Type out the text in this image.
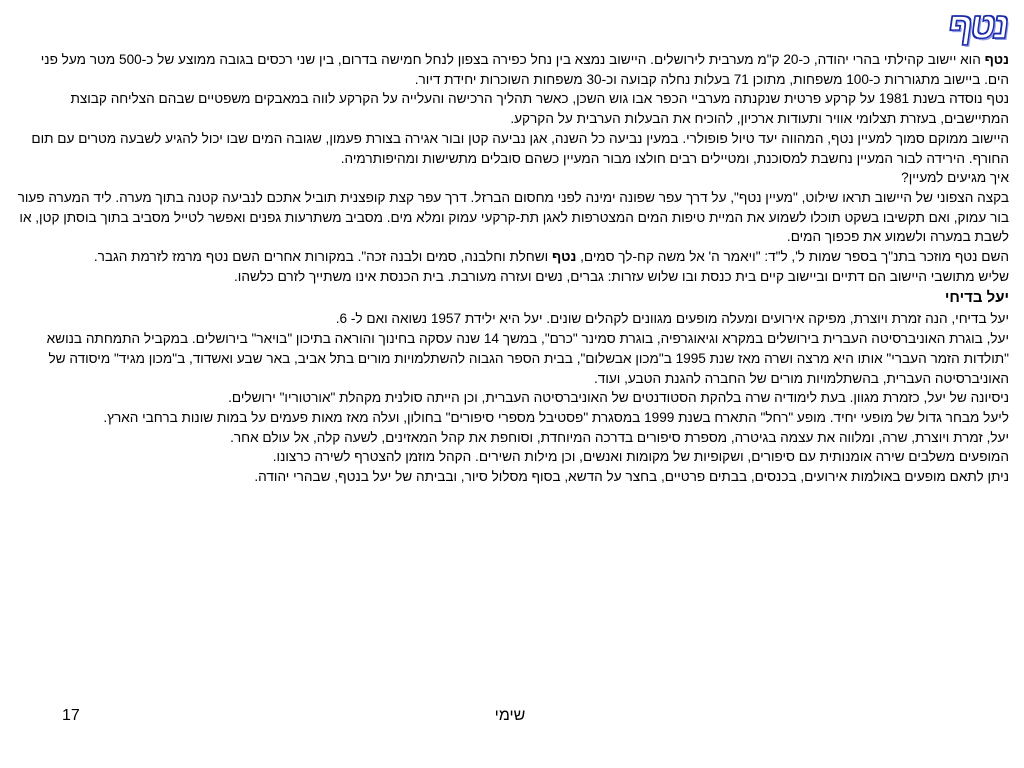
נטף

נטף הוא יישוב קהילתי בהרי יהודה, כ-20 ק"מ מערבית לירושלים. היישוב נמצא בין נחל כפירה בצפון לנחל חמישה בדרום, בין שני רכסים בגובה ממוצע של כ-500 מטר מעל פני הים. ביישוב מתגוררות כ-100 משפחות, מתוכן 71 בעלות נחלה קבועה וכ-30 משפחות השוכרות יחידת דיור.

נטף נוסדה בשנת 1981 על קרקע פרטית שנקנתה מערביי הכפר אבו גוש השכן, כאשר תהליך הרכישה והעלייה על הקרקע לווה במאבקים משפטיים שבהם הצליחה קבוצת המתיישבים, בעזרת תצלומי אוויר ותעודות ארכיון, להוכיח את הבעלות הערבית על הקרקע.

היישוב ממוקם סמוך למעיין נטף, המהווה יעד טיול פופולרי. במעין נביעה כל השנה, אגן נביעה קטן ובור אגירה בצורת פעמון, שגובה המים שבו יכול להגיע לשבעה מטרים עם תום החורף. הירידה לבור המעיין נחשבת למסוכנת, ומטיילים רבים חולצו מבור המעיין כשהם סובלים מתשישות ומהיפותרמיה.

איך מגיעים למעיין?

בקצה הצפוני של היישוב תראו שילוט, "מעיין נטף", על דרך עפר שפונה ימינה לפני מחסום הברזל. דרך עפר קצת קופצנית תוביל אתכם לנביעה קטנה בתוך מערה. ליד המערה פעור בור עמוק, ואם תקשיבו בשקט תוכלו לשמוע את המיית טיפות המים המצטרפות לאגן תת-קרקעי עמוק ומלא מים. מסביב משתרעות גפנים ואפשר לטייל מסביב בתוך בוסתן קטן, או לשבת במערה ולשמוע את פכפוך המים.

השם נטף מוזכר בתנ"ך בספר שמות ל', ל"ד: "ויאמר ה' אל משה קח-לך סמים, נטף ושחלת וחלבנה, סמים ולבנה זכה". במקורות אחרים השם נטף מרמז לזרמת הגבר.

שליש מתושבי היישוב הם דתיים וביישוב קיים בית כנסת ובו שלוש עזרות: גברים, נשים ועזרה מעורבת. בית הכנסת אינו משתייך לזרם כלשהו.

יעל בדיחי

יעל בדיחי, הנה זמרת ויוצרת, מפיקה אירועים ומעלה מופעים מגוונים לקהלים שונים. יעל היא ילידת 1957 נשואה ואם ל- 6.

יעל, בוגרת האוניברסיטה העברית בירושלים במקרא וגיאוגרפיה, בוגרת סמינר "כרם", במשך 14 שנה עסקה בחינוך והוראה בתיכון "בויאר" בירושלים. במקביל התמחתה בנושא "תולדות הזמר העברי" אותו היא מרצה ושרה מאז שנת 1995 ב"מכון אבשלום", בבית הספר הגבוה להשתלמויות מורים בתל אביב, באר שבע ואשדוד, ב"מכון מגיד" מיסודה של האוניברסיטה העברית, בהשתלמויות מורים של החברה להגנת הטבע, ועוד.

ניסיונה של יעל, כזמרת מגוון. בעת לימודיה שרה בלהקת הסטודנטים של האוניברסיטה העברית, וכן הייתה סולנית מקהלת "אורטוריו" ירושלים.

ליעל מבחר גדול של מופעי יחיד. מופע "רחל" התארח בשנת 1999 במסגרת "פסטיבל מספרי סיפורים" בחולון, ועלה מאז מאות פעמים על במות שונות ברחבי הארץ.

יעל, זמרת ויוצרת, שרה, ומלווה את עצמה בגיטרה, מספרת סיפורים בדרכה המיוחדת, וסוחפת את קהל המאזינים, לשעה קלה, אל עולם אחר.

המופעים משלבים שירה אומנותית עם סיפורים, ושקופיות של מקומות ואנשים, וכן מילות השירים. הקהל מוזמן להצטרף לשירה כרצונו.

ניתן לתאם מופעים באולמות אירועים, בכנסים, בבתים פרטיים, בחצר על הדשא, בסוף מסלול סיור, ובביתה של יעל בנטף, שבהרי יהודה.

17	שימי
